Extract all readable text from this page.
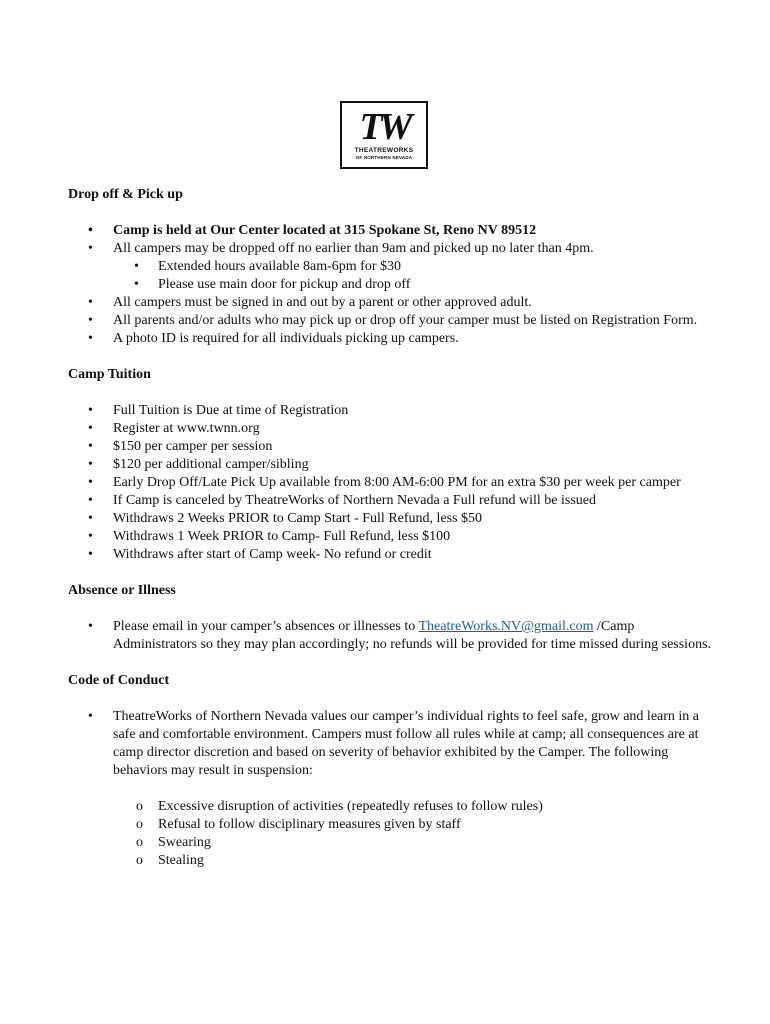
TW
THEATREWORKS
OF NORTHERN NEVADA
Drop off & Pick up
• Camp is held at Our Center located at 315 Spokane St, Reno NV 89512
• All campers may be dropped off no earlier than 9am and picked up no later than 4pm.
• Extended hours available 8am-6pm for $30
• Please use main door for pickup and drop off
• All campers must be signed in and out by a parent or other approved adult.
• All parents and/or adults who may pick up or drop off your camper must be listed on Registration Form.
• A photo ID is required for all individuals picking up campers.
Camp Tuition
• Full Tuition is Due at time of Registration
• Register at www.twnn.org
• $150 per camper per session
• $120 per additional camper/sibling
• Early Drop Off/Late Pick Up available from 8:00 AM-6:00 PM for an extra $30 per week per camper
• If Camp is canceled by TheatreWorks of Northern Nevada a Full refund will be issued
• Withdraws 2 Weeks PRIOR to Camp Start - Full Refund, less $50
• Withdraws 1 Week PRIOR to Camp- Full Refund, less $100
• Withdraws after start of Camp week- No refund or credit
Absence or Illness
• Please email in your camper’s absences or illnesses to TheatreWorks.NV@gmail.com /Camp Administrators so they may plan accordingly; no refunds will be provided for time missed during sessions.
Code of Conduct
• TheatreWorks of Northern Nevada values our camper’s individual rights to feel safe, grow and learn in a safe and comfortable environment. Campers must follow all rules while at camp; all consequences are at camp director discretion and based on severity of behavior exhibited by the Camper. The following behaviors may result in suspension:
o Excessive disruption of activities (repeatedly refuses to follow rules)
o Refusal to follow disciplinary measures given by staff
o Swearing
o Stealing
